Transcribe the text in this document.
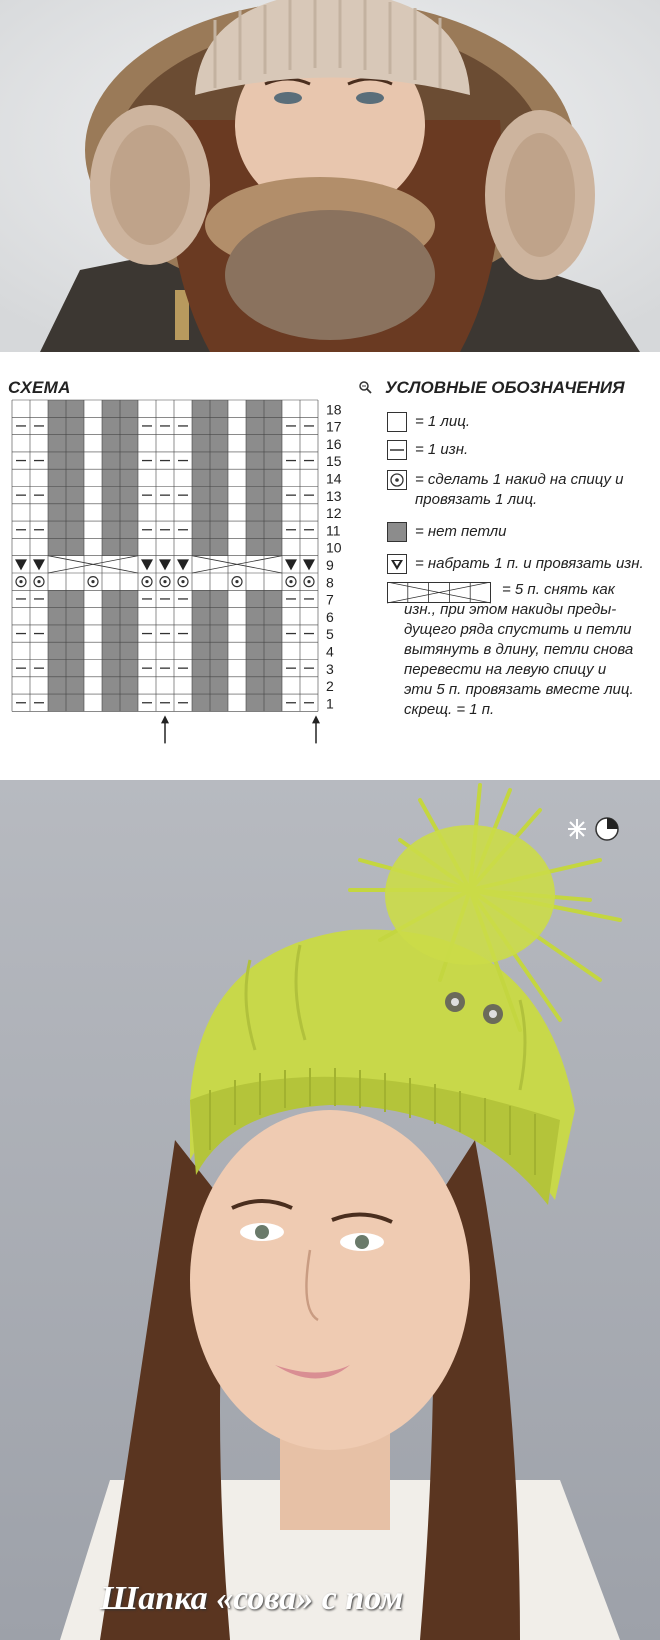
СХЕМА	УСЛОВНЫЕ ОБОЗНАЧЕНИЯ
18
17
16
15
14
13
12
11
10
9
8
7
6
5
4
3
2
1
= 1 лиц.
= 1 изн.
= сделать 1 накид на спицу и
провязать 1 лиц.
= нет петли
= набрать 1 п. и провязать изн.
= 5 п. снять как
изн., при этом накиды преды-
дущего ряда спустить и петли
вытянуть в длину, петли снова
перевести на левую спицу и
эти 5 п. провязать вместе лиц.
скрещ. = 1 п.
Шапка «сова» с пом
